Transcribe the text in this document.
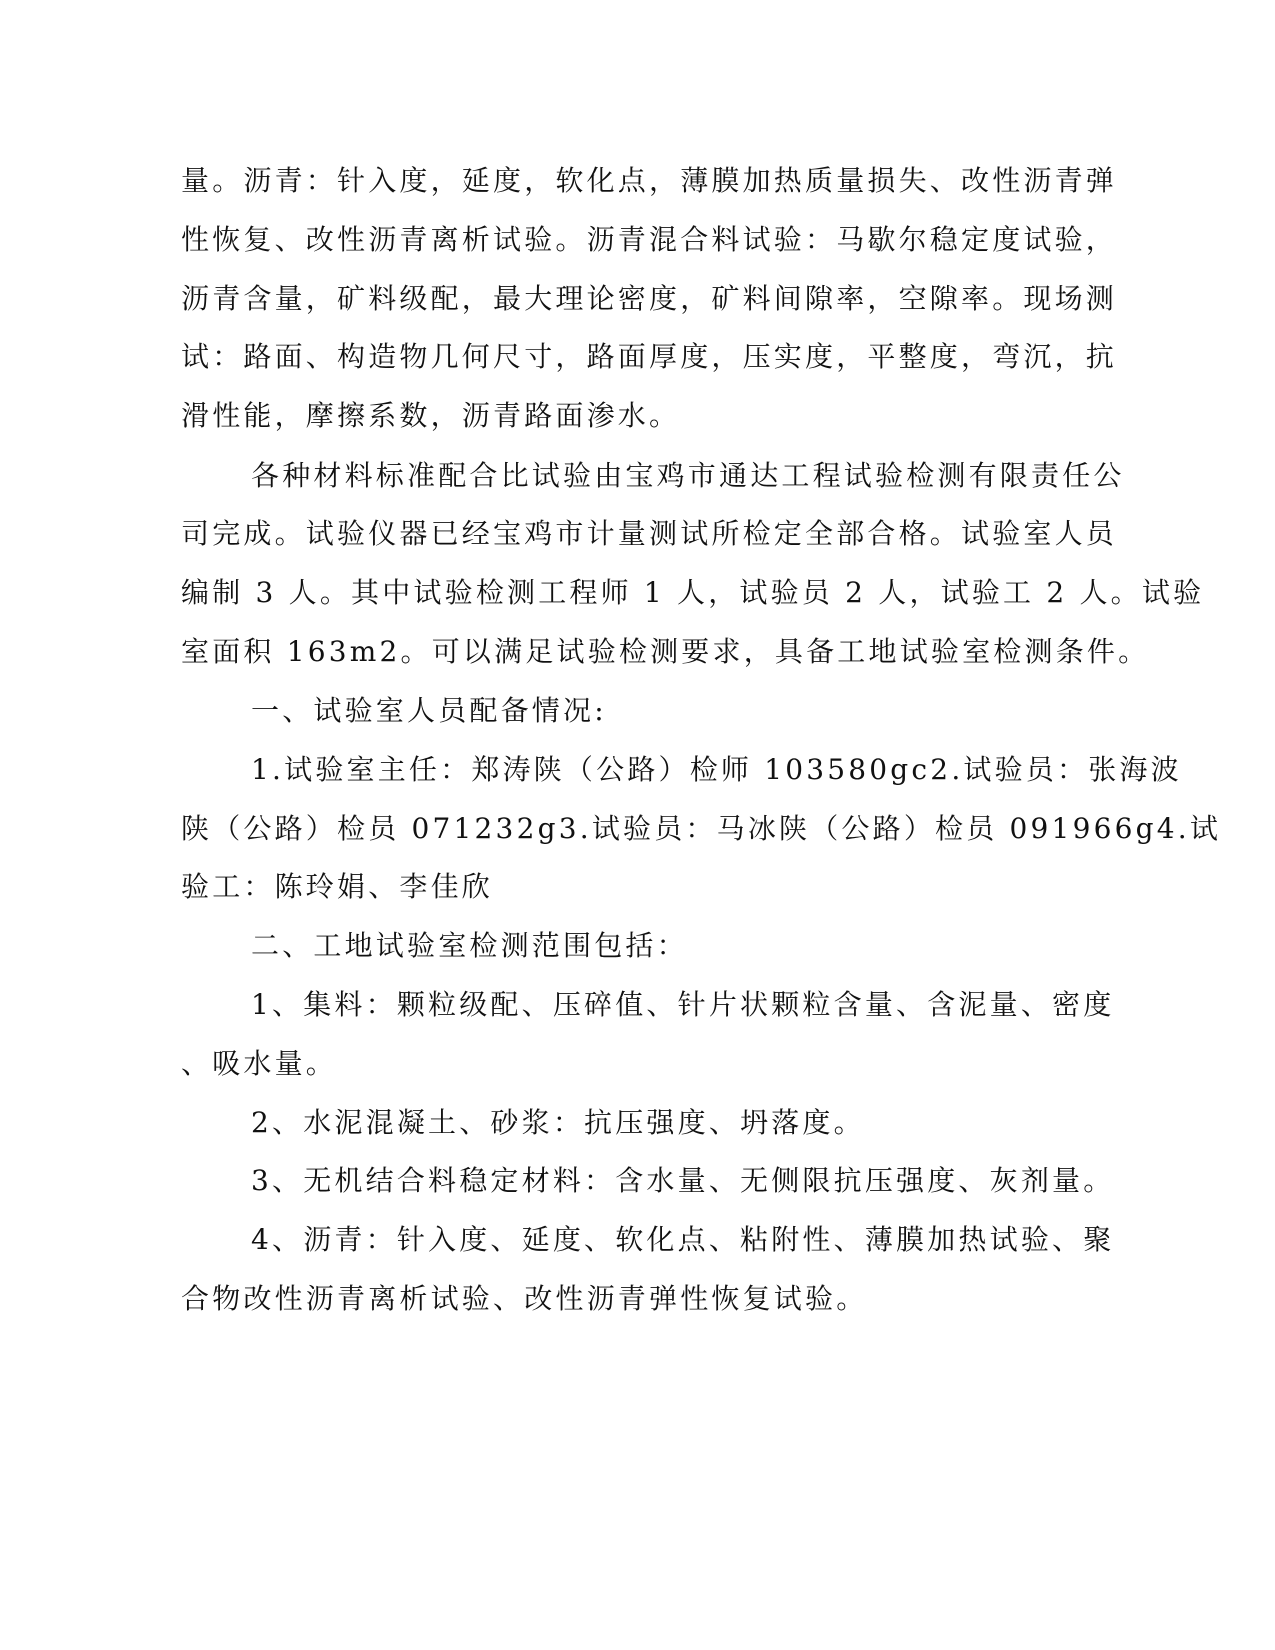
量。沥青：针入度，延度，软化点，薄膜加热质量损失、改性沥青弹

性恢复、改性沥青离析试验。沥青混合料试验：马歇尔稳定度试验，

沥青含量，矿料级配，最大理论密度，矿料间隙率，空隙率。现场测

试：路面、构造物几何尺寸，路面厚度，压实度，平整度，弯沉，抗

滑性能，摩擦系数，沥青路面渗水。

各种材料标准配合比试验由宝鸡市通达工程试验检测有限责任公

司完成。试验仪器已经宝鸡市计量测试所检定全部合格。试验室人员

编制 3 人。其中试验检测工程师 1 人，试验员 2 人，试验工 2 人。试验

室面积 163m2。可以满足试验检测要求，具备工地试验室检测条件。

一、试验室人员配备情况:

1.试验室主任：郑涛陕（公路）检师 103580gc2.试验员：张海波

陕（公路）检员 071232g3.试验员：马冰陕（公路）检员 091966g4.试

验工：陈玲娟、李佳欣

二、工地试验室检测范围包括：

1、集料：颗粒级配、压碎值、针片状颗粒含量、含泥量、密度

、吸水量。

2、水泥混凝土、砂浆：抗压强度、坍落度。

3、无机结合料稳定材料：含水量、无侧限抗压强度、灰剂量。

4、沥青：针入度、延度、软化点、粘附性、薄膜加热试验、聚

合物改性沥青离析试验、改性沥青弹性恢复试验。
